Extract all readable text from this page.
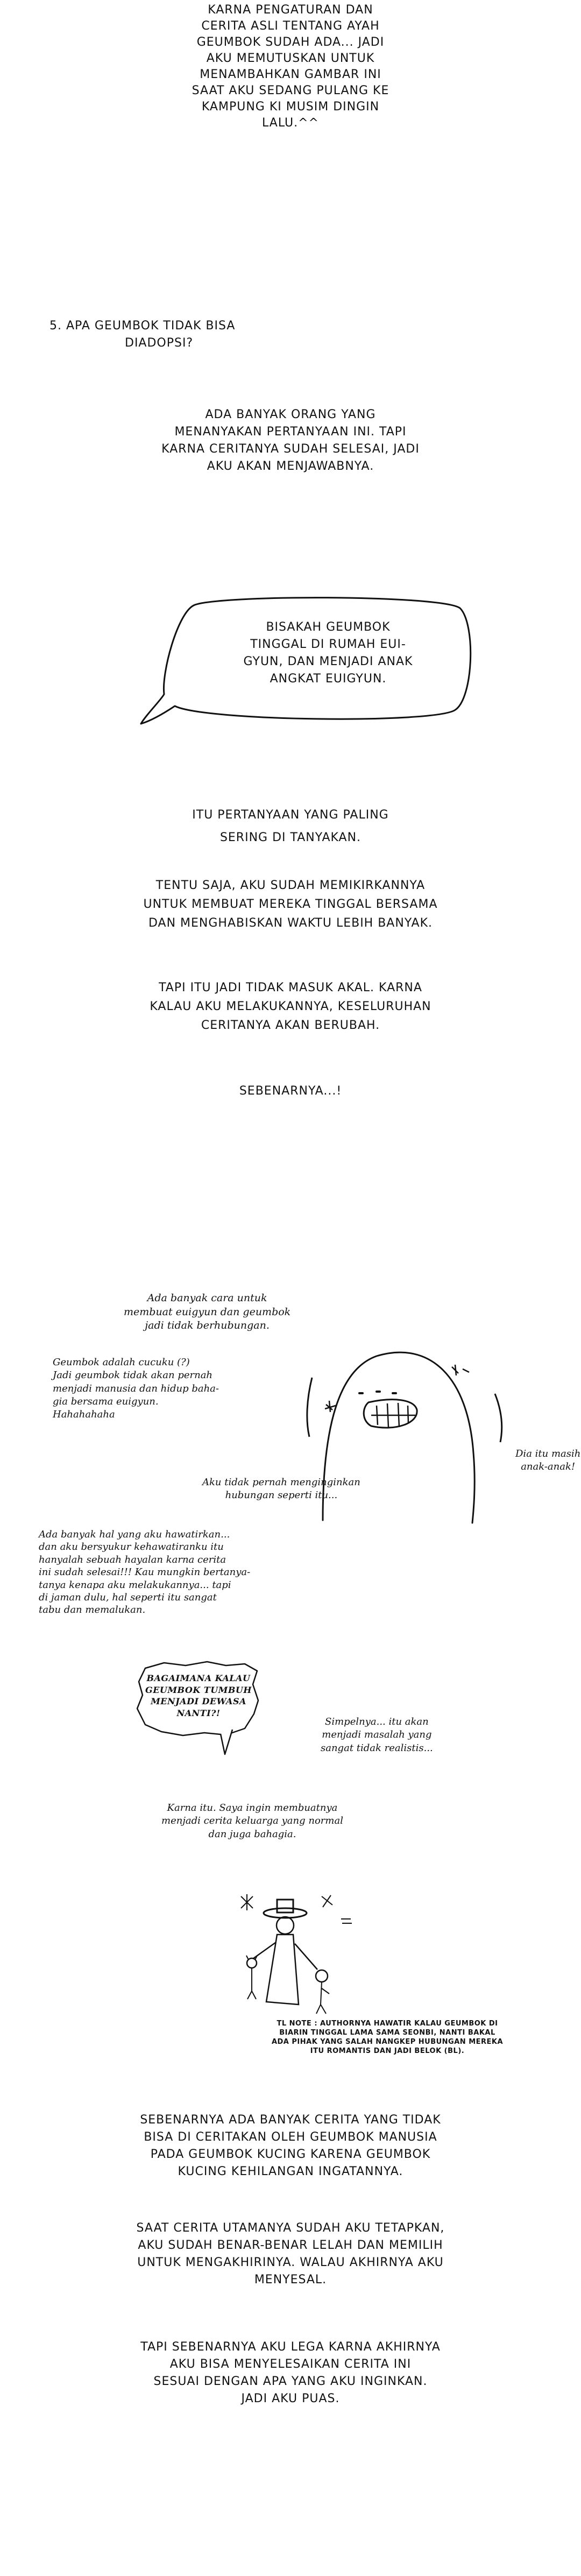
KARNA PENGATURAN DAN
CERITA ASLI TENTANG AYAH
GEUMBOK SUDAH ADA... JADI
AKU MEMUTUSKAN UNTUK
MENAMBAHKAN GAMBAR INI
SAAT AKU SEDANG PULANG KE
KAMPUNG KI MUSIM DINGIN
LALU.^^
5. APA GEUMBOK TIDAK BISA
DIADOPSI?
ADA BANYAK ORANG YANG
MENANYAKAN PERTANYAAN INI. TAPI
KARNA CERITANYA SUDAH SELESAI, JADI
AKU AKAN MENJAWABNYA.
BISAKAH GEUMBOK
TINGGAL DI RUMAH EUI-
GYUN, DAN MENJADI ANAK
ANGKAT EUIGYUN.
ITU PERTANYAAN YANG PALING
SERING DI TANYAKAN.
TENTU SAJA, AKU SUDAH MEMIKIRKANNYA
UNTUK MEMBUAT MEREKA TINGGAL BERSAMA
DAN MENGHABISKAN WAKTU LEBIH BANYAK.
TAPI ITU JADI TIDAK MASUK AKAL. KARNA
KALAU AKU MELAKUKANNYA, KESELURUHAN
CERITANYA AKAN BERUBAH.
SEBENARNYA...!
Ada banyak cara untuk
membuat euigyun dan geumbok
jadi tidak berhubungan.
Geumbok adalah cucuku (?)
Jadi geumbok tidak akan pernah
menjadi manusia dan hidup baha-
gia bersama euigyun.
Hahahahaha
Dia itu masih
anak-anak!
Aku tidak pernah menginginkan
hubungan seperti itu...
Ada banyak hal yang aku hawatirkan...
dan aku bersyukur kehawatiranku itu
hanyalah sebuah hayalan karna cerita
ini sudah selesai!!! Kau mungkin bertanya-
tanya kenapa aku melakukannya... tapi
di jaman dulu, hal seperti itu sangat
tabu dan memalukan.
BAGAIMANA KALAU
GEUMBOK TUMBUH
MENJADI DEWASA
NANTI?!
Simpelnya... itu akan
menjadi masalah yang
sangat tidak realistis...
Karna itu. Saya ingin membuatnya
menjadi cerita keluarga yang normal
dan juga bahagia.
TL NOTE : AUTHORNYA HAWATIR KALAU GEUMBOK DI
BIARIN TINGGAL LAMA SAMA SEONBI, NANTI BAKAL
ADA PIHAK YANG SALAH NANGKEP HUBUNGAN MEREKA
ITU ROMANTIS DAN JADI BELOK (BL).
SEBENARNYA ADA BANYAK CERITA YANG TIDAK
BISA DI CERITAKAN OLEH GEUMBOK MANUSIA
PADA GEUMBOK KUCING KARENA GEUMBOK
KUCING KEHILANGAN INGATANNYA.
SAAT CERITA UTAMANYA SUDAH AKU TETAPKAN,
AKU SUDAH BENAR-BENAR LELAH DAN MEMILIH
UNTUK MENGAKHIRINYA. WALAU AKHIRNYA AKU
MENYESAL.
TAPI SEBENARNYA AKU LEGA KARNA AKHIRNYA
AKU BISA MENYELESAIKAN CERITA INI
SESUAI DENGAN APA YANG AKU INGINKAN.
JADI AKU PUAS.
